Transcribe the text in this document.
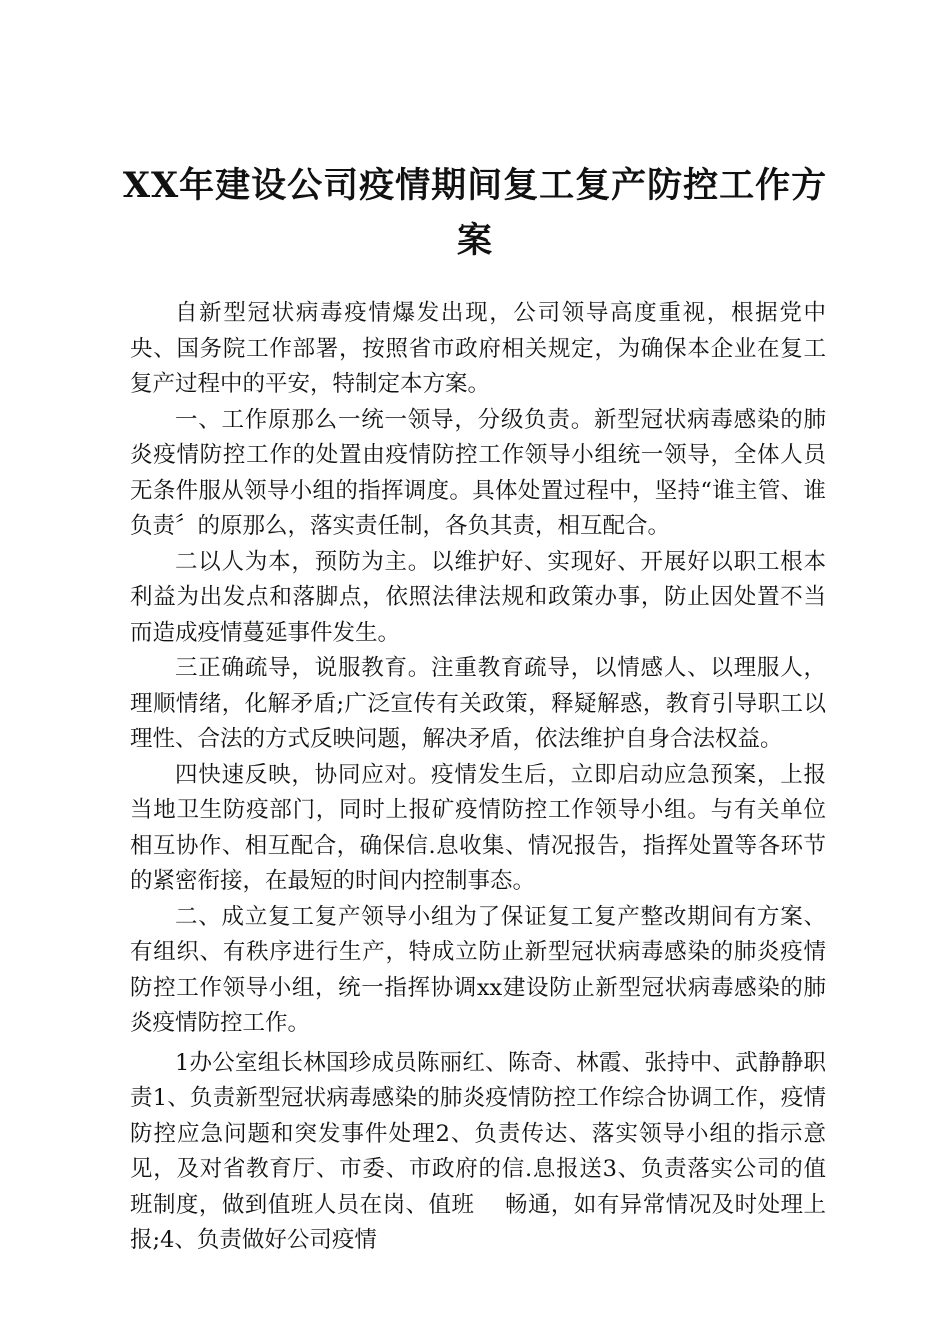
XX年建设公司疫情期间复工复产防控工作方案

自新型冠状病毒疫情爆发出现，公司领导高度重视，根据党中央、国务院工作部署，按照省市政府相关规定，为确保本企业在复工复产过程中的平安，特制定本方案。

一、工作原那么一统一领导，分级负责。新型冠状病毒感染的肺炎疫情防控工作的处置由疫情防控工作领导小组统一领导，全体人员无条件服从领导小组的指挥调度。具体处置过程中，坚持“谁主管、谁负责〞的原那么，落实责任制，各负其责，相互配合。

二以人为本，预防为主。以维护好、实现好、开展好以职工根本利益为出发点和落脚点，依照法律法规和政策办事，防止因处置不当而造成疫情蔓延事件发生。

三正确疏导，说服教育。注重教育疏导，以情感人、以理服人，理顺情绪，化解矛盾;广泛宣传有关政策，释疑解惑，教育引导职工以理性、合法的方式反映问题，解决矛盾，依法维护自身合法权益。

四快速反映，协同应对。疫情发生后，立即启动应急预案，上报当地卫生防疫部门，同时上报矿疫情防控工作领导小组。与有关单位相互协作、相互配合，确保信.息收集、情况报告，指挥处置等各环节的紧密衔接，在最短的时间内控制事态。

二、成立复工复产领导小组为了保证复工复产整改期间有方案、有组织、有秩序进行生产，特成立防止新型冠状病毒感染的肺炎疫情防控工作领导小组，统一指挥协调xx建设防止新型冠状病毒感染的肺炎疫情防控工作。

1办公室组长林国珍成员陈丽红、陈奇、林霞、张持中、武静静职责1、负责新型冠状病毒感染的肺炎疫情防控工作综合协调工作，疫情防控应急问题和突发事件处理2、负责传达、落实领导小组的指示意见，及对省教育厅、市委、市政府的信.息报送3、负责落实公司的值班制度，做到值班人员在岗、值班　 畅通，如有异常情况及时处理上报;4、负责做好公司疫情
